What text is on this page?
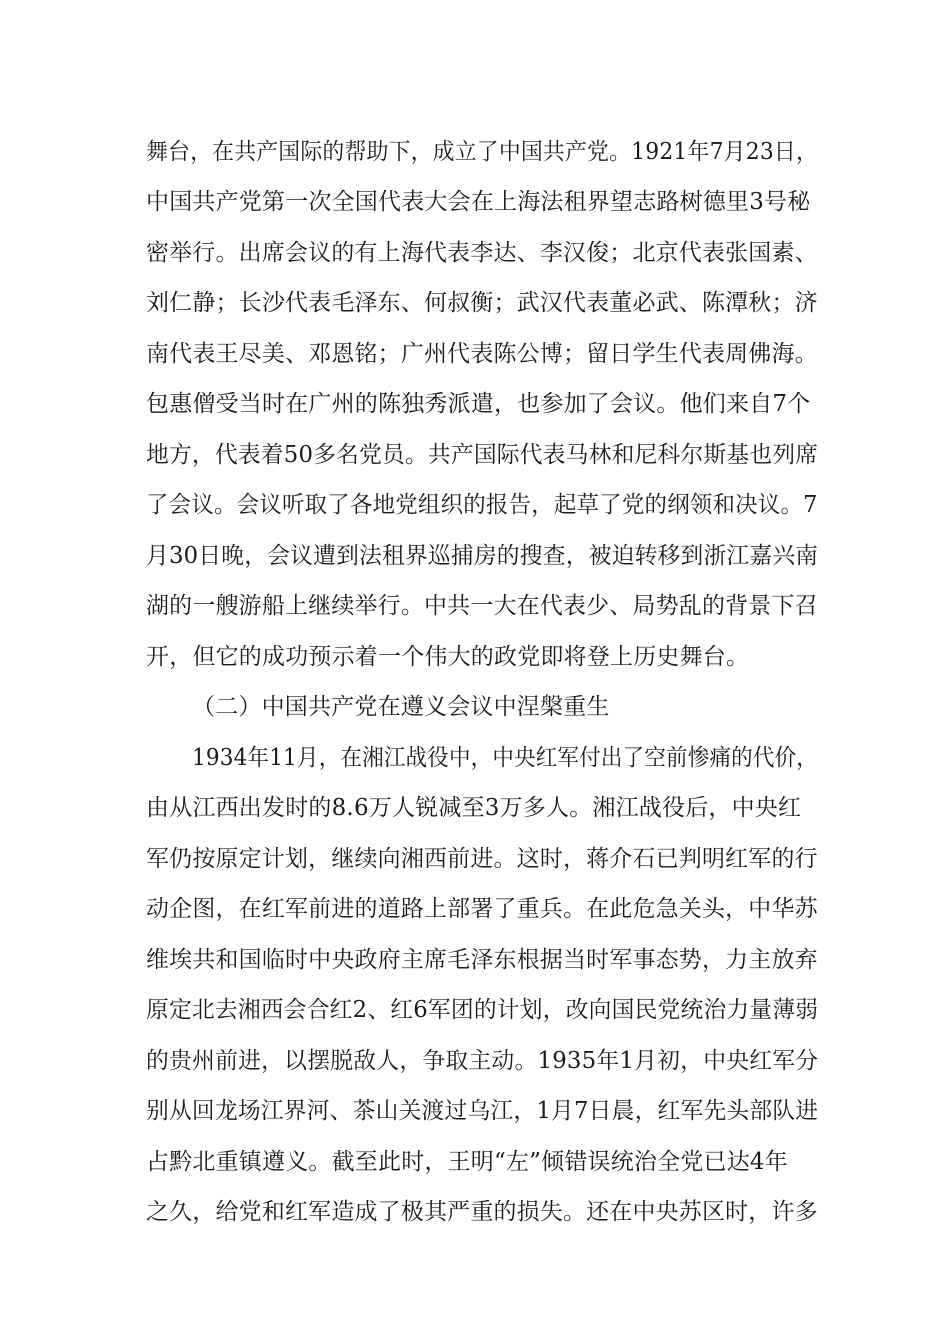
舞台，在共产国际的帮助下，成立了中国共产党。1921年7月23日，
中国共产党第一次全国代表大会在上海法租界望志路树德里3号秘
密举行。出席会议的有上海代表李达、李汉俊；北京代表张国素、
刘仁静；长沙代表毛泽东、何叔衡；武汉代表董必武、陈潭秋；济
南代表王尽美、邓恩铭；广州代表陈公博；留日学生代表周佛海。
包惠僧受当时在广州的陈独秀派遣，也参加了会议。他们来自7个
地方，代表着50多名党员。共产国际代表马林和尼科尔斯基也列席
了会议。会议听取了各地党组织的报告，起草了党的纲领和决议。7
月30日晚，会议遭到法租界巡捕房的搜查，被迫转移到浙江嘉兴南
湖的一艘游船上继续举行。中共一大在代表少、局势乱的背景下召
开，但它的成功预示着一个伟大的政党即将登上历史舞台。
（二）中国共产党在遵义会议中涅槃重生
1934年11月，在湘江战役中，中央红军付出了空前惨痛的代价，
由从江西出发时的8.6万人锐减至3万多人。湘江战役后，中央红
军仍按原定计划，继续向湘西前进。这时，蒋介石已判明红军的行
动企图，在红军前进的道路上部署了重兵。在此危急关头，中华苏
维埃共和国临时中央政府主席毛泽东根据当时军事态势，力主放弃
原定北去湘西会合红2、红6军团的计划，改向国民党统治力量薄弱
的贵州前进，以摆脱敌人，争取主动。1935年1月初，中央红军分
别从回龙场江界河、茶山关渡过乌江，1月7日晨，红军先头部队进
占黔北重镇遵义。截至此时，王明“左”倾错误统治全党已达4年
之久，给党和红军造成了极其严重的损失。还在中央苏区时，许多
